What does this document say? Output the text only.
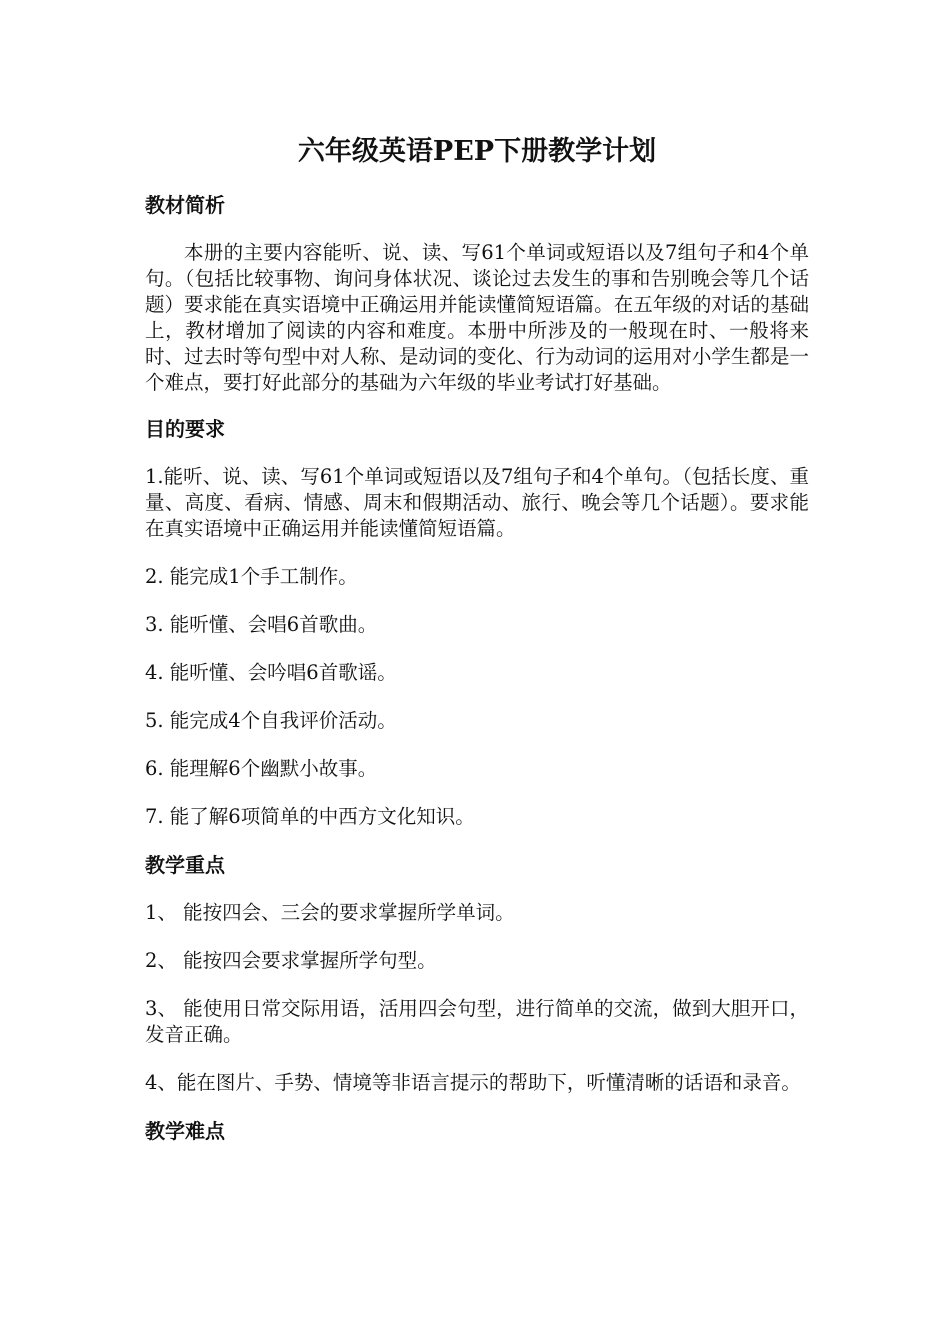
六年级英语PEP下册教学计划
教材简析

本册的主要内容能听、说、读、写61个单词或短语以及7组句子和4个单句。（包括比较事物、询问身体状况、谈论过去发生的事和告别晚会等几个话题）要求能在真实语境中正确运用并能读懂简短语篇。在五年级的对话的基础上，教材增加了阅读的内容和难度。本册中所涉及的一般现在时、一般将来时、过去时等句型中对人称、是动词的变化、行为动词的运用对小学生都是一个难点，要打好此部分的基础为六年级的毕业考试打好基础。

目的要求

1.能听、说、读、写61个单词或短语以及7组句子和4个单句。（包括长度、重量、高度、看病、情感、周末和假期活动、旅行、晚会等几个话题）。要求能在真实语境中正确运用并能读懂简短语篇。

2. 能完成1个手工制作。

3. 能听懂、会唱6首歌曲。

4. 能听懂、会吟唱6首歌谣。

5. 能完成4个自我评价活动。

6. 能理解6个幽默小故事。

7. 能了解6项简单的中西方文化知识。

教学重点

1、 能按四会、三会的要求掌握所学单词。

2、 能按四会要求掌握所学句型。

3、 能使用日常交际用语，活用四会句型，进行简单的交流，做到大胆开口，发音正确。

4、能在图片、手势、情境等非语言提示的帮助下，听懂清晰的话语和录音。

教学难点
